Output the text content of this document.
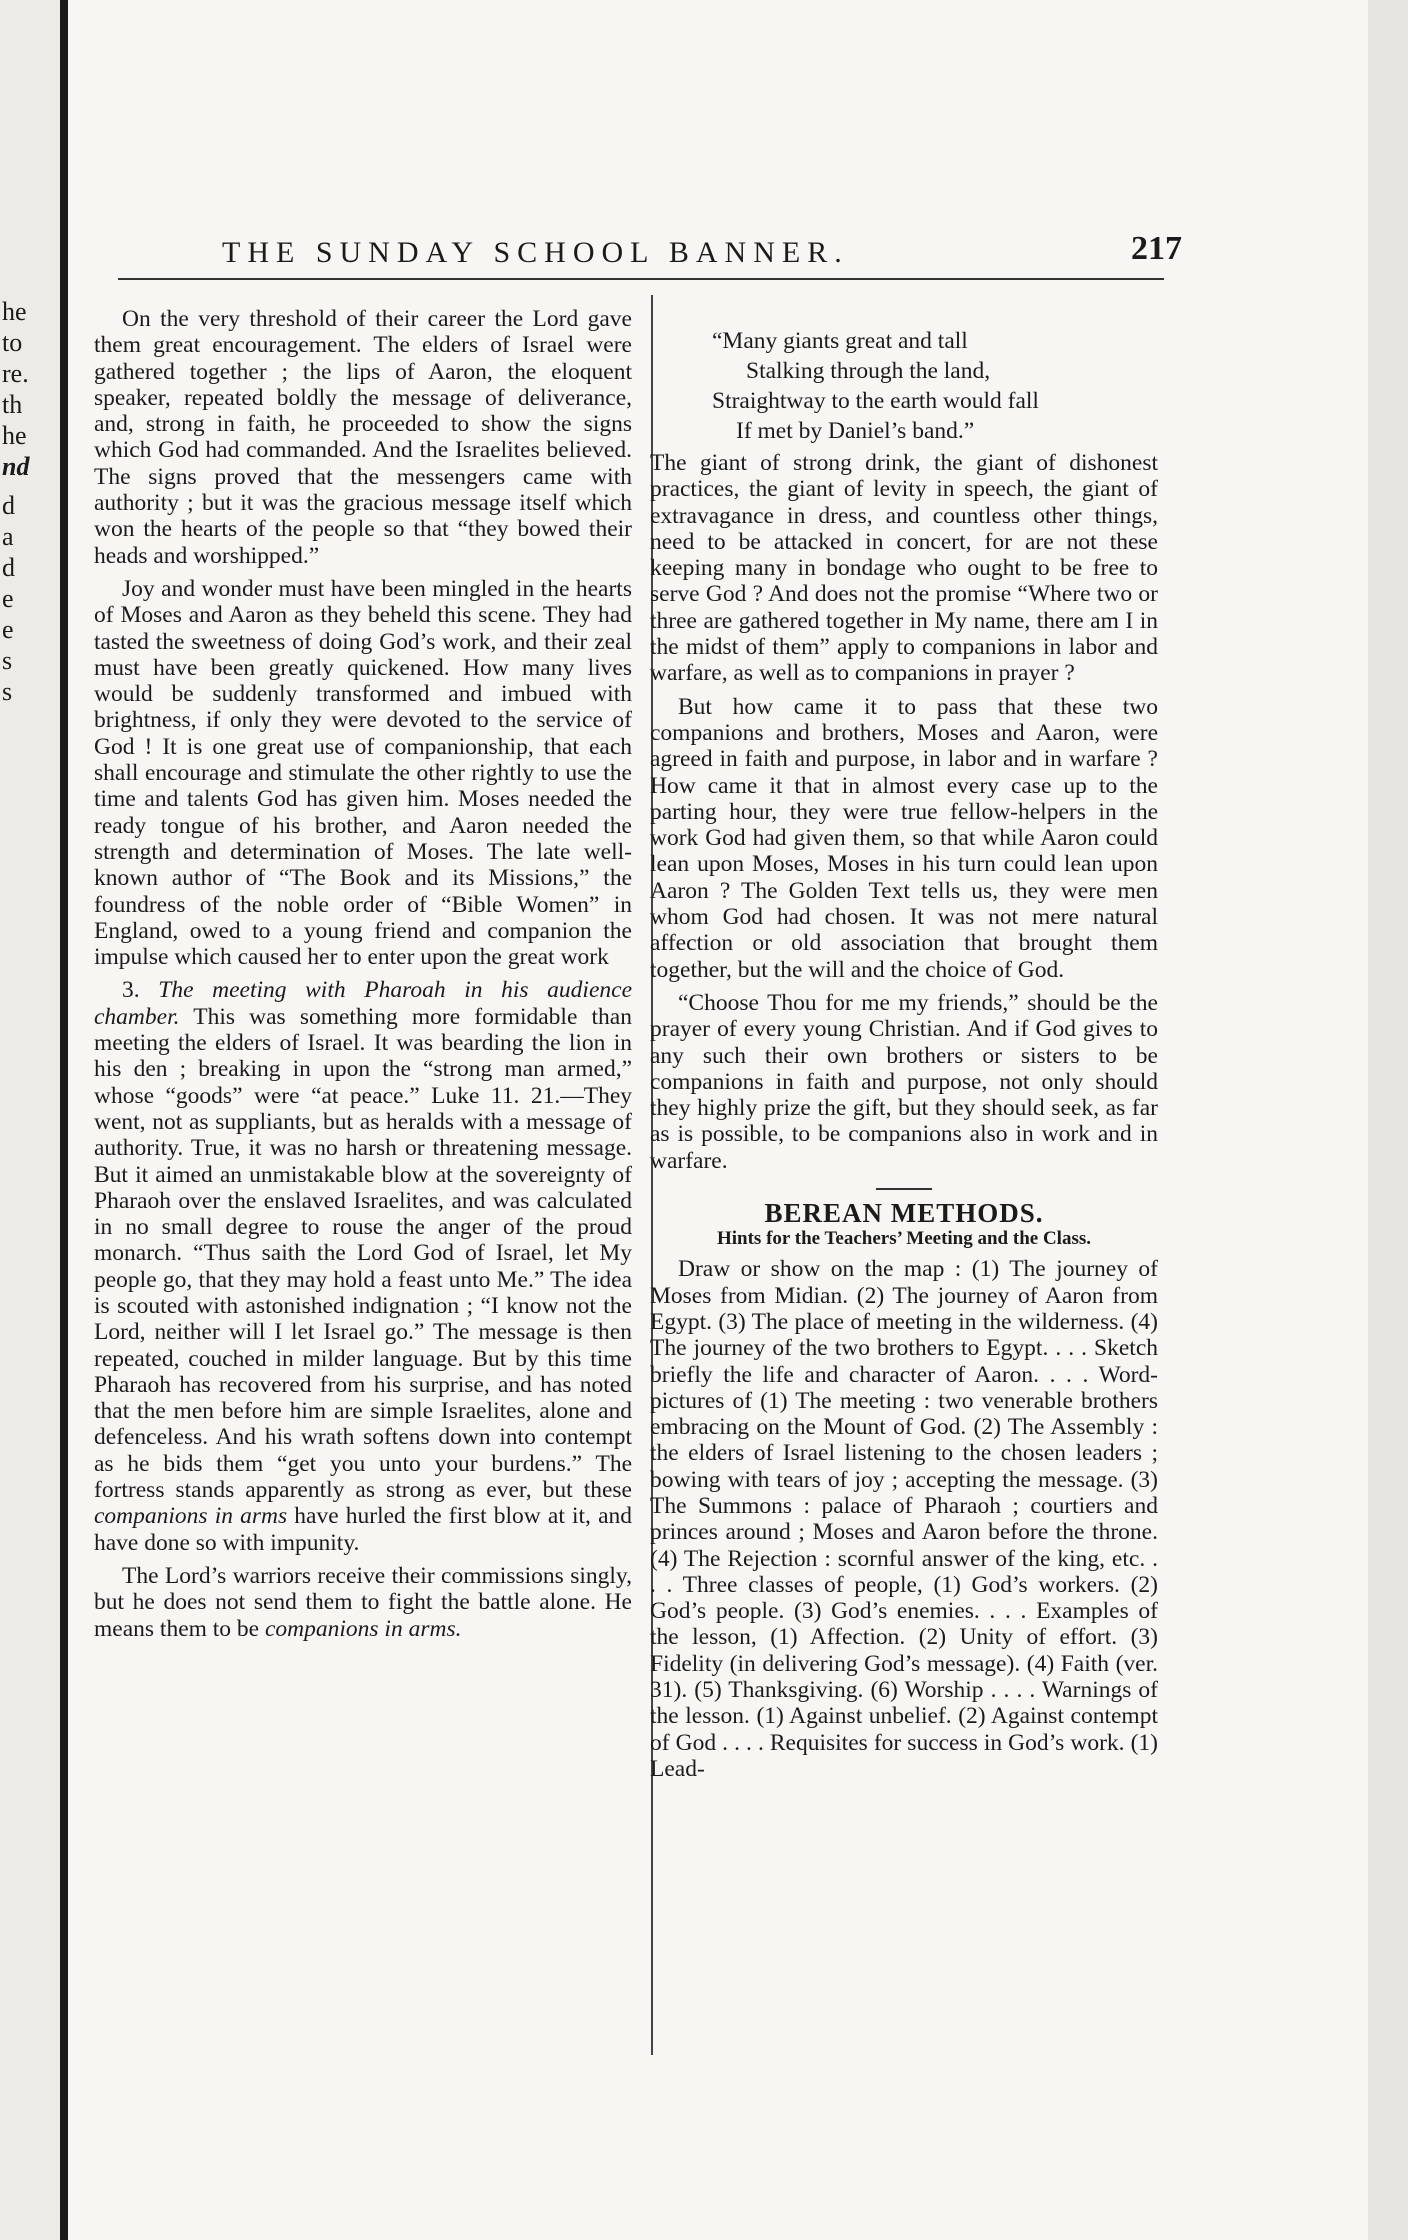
he
to
re.
th
he
nd
d
a
d
e
e
s
s
THE SUNDAY SCHOOL BANNER.	217

On the very threshold of their career the Lord gave them great encouragement. The elders of Israel were gathered together ; the lips of Aaron, the eloquent speaker, repeated boldly the message of deliverance, and, strong in faith, he proceeded to show the signs which God had commanded. And the Israelites believed. The signs proved that the messengers came with authority ; but it was the gracious message itself which won the hearts of the people so that “they bowed their heads and worshipped.”

Joy and wonder must have been mingled in the hearts of Moses and Aaron as they beheld this scene. They had tasted the sweetness of doing God’s work, and their zeal must have been greatly quickened. How many lives would be suddenly transformed and imbued with brightness, if only they were devoted to the service of God ! It is one great use of companionship, that each shall encourage and stimulate the other rightly to use the time and talents God has given him. Moses needed the ready tongue of his brother, and Aaron needed the strength and determination of Moses. The late well-known author of “The Book and its Missions,” the foundress of the noble order of “Bible Women” in England, owed to a young friend and companion the impulse which caused her to enter upon the great work

3. The meeting with Pharoah in his audience chamber. This was something more formidable than meeting the elders of Israel. It was bearding the lion in his den ; breaking in upon the “strong man armed,” whose “goods” were “at peace.” Luke 11. 21.—They went, not as suppliants, but as heralds with a message of authority. True, it was no harsh or threatening message. But it aimed an unmistakable blow at the sovereignty of Pharaoh over the enslaved Israelites, and was calculated in no small degree to rouse the anger of the proud monarch. “Thus saith the Lord God of Israel, let My people go, that they may hold a feast unto Me.” The idea is scouted with astonished indignation ; “I know not the Lord, neither will I let Israel go.” The message is then repeated, couched in milder language. But by this time Pharaoh has recovered from his surprise, and has noted that the men before him are simple Israelites, alone and defenceless. And his wrath softens down into contempt as he bids them “get you unto your burdens.” The fortress stands apparently as strong as ever, but these companions in arms have hurled the first blow at it, and have done so with impunity.

The Lord’s warriors receive their commissions singly, but he does not send them to fight the battle alone. He means them to be companions in arms.

“Many giants great and tall
Stalking through the land,
Straightway to the earth would fall
If met by Daniel’s band.”

The giant of strong drink, the giant of dishonest practices, the giant of levity in speech, the giant of extravagance in dress, and countless other things, need to be attacked in concert, for are not these keeping many in bondage who ought to be free to serve God ? And does not the promise “Where two or three are gathered together in My name, there am I in the midst of them” apply to companions in labor and warfare, as well as to companions in prayer ?

But how came it to pass that these two companions and brothers, Moses and Aaron, were agreed in faith and purpose, in labor and in warfare ? How came it that in almost every case up to the parting hour, they were true fellow-helpers in the work God had given them, so that while Aaron could lean upon Moses, Moses in his turn could lean upon Aaron ? The Golden Text tells us, they were men whom God had chosen. It was not mere natural affection or old association that brought them together, but the will and the choice of God.

“Choose Thou for me my friends,” should be the prayer of every young Christian. And if God gives to any such their own brothers or sisters to be companions in faith and purpose, not only should they highly prize the gift, but they should seek, as far as is possible, to be companions also in work and in warfare.

BEREAN METHODS.
Hints for the Teachers’ Meeting and the Class.

Draw or show on the map : (1) The journey of Moses from Midian. (2) The journey of Aaron from Egypt. (3) The place of meeting in the wilderness. (4) The journey of the two brothers to Egypt. . . . Sketch briefly the life and character of Aaron. . . . Word-pictures of (1) The meeting : two venerable brothers embracing on the Mount of God. (2) The Assembly : the elders of Israel listening to the chosen leaders ; bowing with tears of joy ; accepting the message. (3) The Summons : palace of Pharaoh ; courtiers and princes around ; Moses and Aaron before the throne. (4) The Rejection : scornful answer of the king, etc. . . . Three classes of people, (1) God’s workers. (2) God’s people. (3) God’s enemies. . . . Examples of the lesson, (1) Affection. (2) Unity of effort. (3) Fidelity (in delivering God’s message). (4) Faith (ver. 31). (5) Thanksgiving. (6) Worship . . . . Warnings of the lesson. (1) Against unbelief. (2) Against contempt of God . . . . Requisites for success in God’s work. (1) Lead-
